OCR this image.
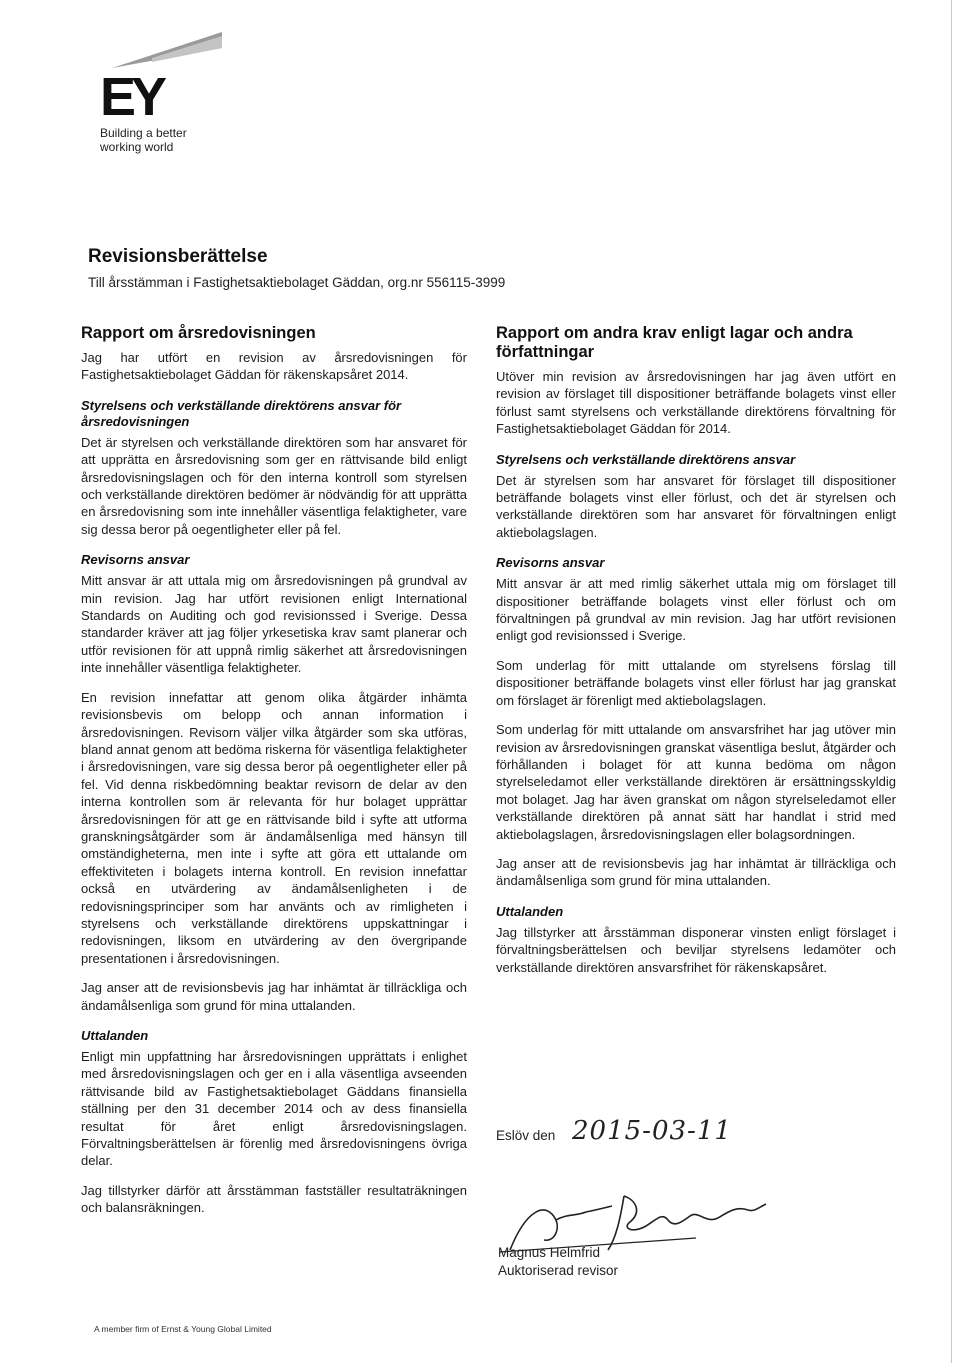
EY
Building a better
working world
Revisionsberättelse
Till årsstämman i Fastighetsaktiebolaget Gäddan, org.nr 556115-3999
Rapport om årsredovisningen

Jag har utfört en revision av årsredovisningen för Fastighetsaktiebolaget Gäddan för räkenskapsåret 2014.

Styrelsens och verkställande direktörens ansvar för årsredovisningen

Det är styrelsen och verkställande direktören som har ansvaret för att upprätta en årsredovisning som ger en rättvisande bild enligt årsredovisningslagen och för den interna kontroll som styrelsen och verkställande direktören bedömer är nödvändig för att upprätta en årsredovisning som inte innehåller väsentliga felaktigheter, vare sig dessa beror på oegentligheter eller på fel.

Revisorns ansvar

Mitt ansvar är att uttala mig om årsredovisningen på grundval av min revision. Jag har utfört revisionen enligt International Standards on Auditing och god revisionssed i Sverige. Dessa standarder kräver att jag följer yrkesetiska krav samt planerar och utför revisionen för att uppnå rimlig säkerhet att årsredovisningen inte innehåller väsentliga felaktigheter.

En revision innefattar att genom olika åtgärder inhämta revisionsbevis om belopp och annan information i årsredovisningen. Revisorn väljer vilka åtgärder som ska utföras, bland annat genom att bedöma riskerna för väsentliga felaktigheter i årsredovisningen, vare sig dessa beror på oegentligheter eller på fel. Vid denna riskbedömning beaktar revisorn de delar av den interna kontrollen som är relevanta för hur bolaget upprättar årsredovisningen för att ge en rättvisande bild i syfte att utforma granskningsåtgärder som är ändamålsenliga med hänsyn till omständigheterna, men inte i syfte att göra ett uttalande om effektiviteten i bolagets interna kontroll. En revision innefattar också en utvärdering av ändamålsenligheten i de redovisningsprinciper som har använts och av rimligheten i styrelsens och verkställande direktörens uppskattningar i redovisningen, liksom en utvärdering av den övergripande presentationen i årsredovisningen.

Jag anser att de revisionsbevis jag har inhämtat är tillräckliga och ändamålsenliga som grund för mina uttalanden.

Uttalanden

Enligt min uppfattning har årsredovisningen upprättats i enlighet med årsredovisningslagen och ger en i alla väsentliga avseenden rättvisande bild av Fastighetsaktiebolaget Gäddans finansiella ställning per den 31 december 2014 och av dess finansiella resultat för året enligt årsredovisningslagen. Förvaltningsberättelsen är förenlig med årsredovisningens övriga delar.

Jag tillstyrker därför att årsstämman fastställer resultaträkningen och balansräkningen.

Rapport om andra krav enligt lagar och andra författningar

Utöver min revision av årsredovisningen har jag även utfört en revision av förslaget till dispositioner beträffande bolagets vinst eller förlust samt styrelsens och verkställande direktörens förvaltning för Fastighetsaktiebolaget Gäddan för 2014.

Styrelsens och verkställande direktörens ansvar

Det är styrelsen som har ansvaret för förslaget till dispositioner beträffande bolagets vinst eller förlust, och det är styrelsen och verkställande direktören som har ansvaret för förvaltningen enligt aktiebolagslagen.

Revisorns ansvar

Mitt ansvar är att med rimlig säkerhet uttala mig om förslaget till dispositioner beträffande bolagets vinst eller förlust och om förvaltningen på grundval av min revision. Jag har utfört revisionen enligt god revisionssed i Sverige.

Som underlag för mitt uttalande om styrelsens förslag till dispositioner beträffande bolagets vinst eller förlust har jag granskat om förslaget är förenligt med aktiebolagslagen.

Som underlag för mitt uttalande om ansvarsfrihet har jag utöver min revision av årsredovisningen granskat väsentliga beslut, åtgärder och förhållanden i bolaget för att kunna bedöma om någon styrelseledamot eller verkställande direktören är ersättningsskyldig mot bolaget. Jag har även granskat om någon styrelseledamot eller verkställande direktören på annat sätt har handlat i strid med aktiebolagslagen, årsredovisningslagen eller bolagsordningen.

Jag anser att de revisionsbevis jag har inhämtat är tillräckliga och ändamålsenliga som grund för mina uttalanden.

Uttalanden

Jag tillstyrker att årsstämman disponerar vinsten enligt förslaget i förvaltningsberättelsen och beviljar styrelsens ledamöter och verkställande direktören ansvarsfrihet för räkenskapsåret.

Eslöv den 2015-03-11
Magnus Helmfrid
Auktoriserad revisor
A member firm of Ernst & Young Global Limited
